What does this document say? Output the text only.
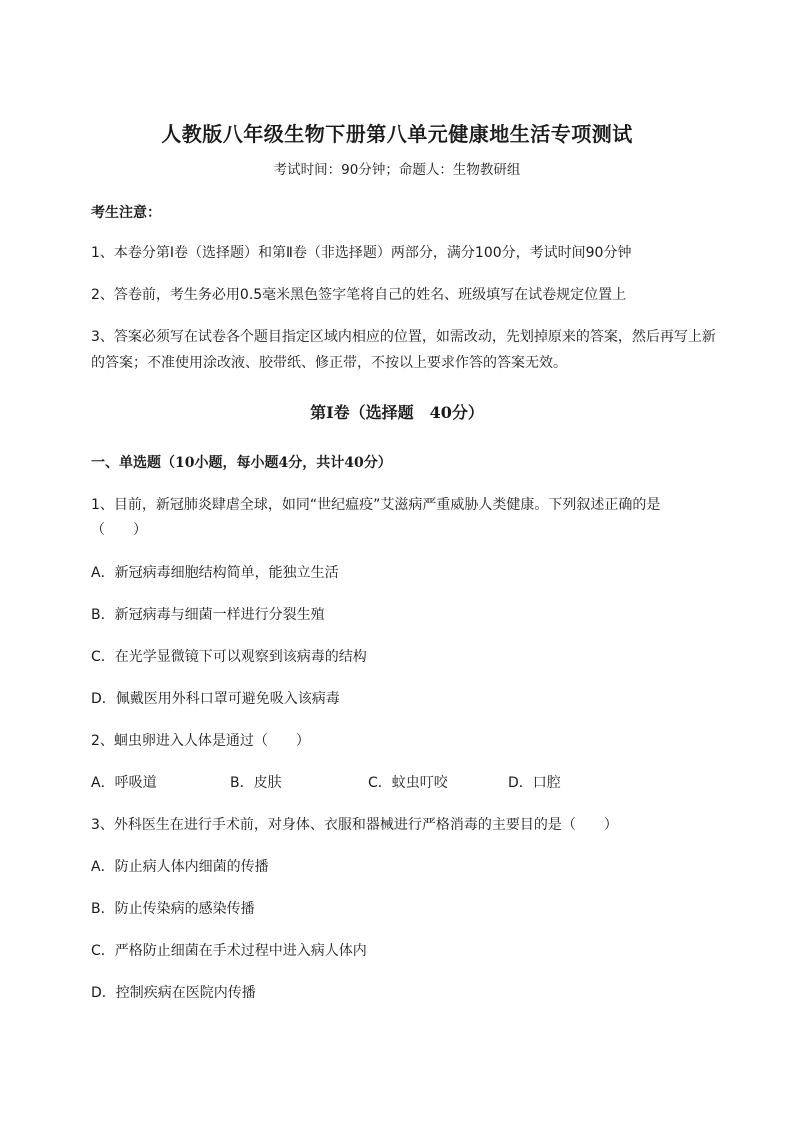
人教版八年级生物下册第八单元健康地生活专项测试
考试时间：90分钟；命题人：生物教研组
考生注意：
1、本卷分第I卷（选择题）和第Ⅱ卷（非选择题）两部分，满分100分，考试时间90分钟
2、答卷前，考生务必用0.5毫米黑色签字笔将自己的姓名、班级填写在试卷规定位置上
3、答案必须写在试卷各个题目指定区域内相应的位置，如需改动，先划掉原来的答案，然后再写上新
的答案；不准使用涂改液、胶带纸、修正带，不按以上要求作答的答案无效。
第I卷（选择题　40分）
一、单选题（10小题，每小题4分，共计40分）
1、目前，新冠肺炎肆虐全球，如同“世纪瘟疫”艾滋病严重威胁人类健康。下列叙述正确的是
（　　）
A．新冠病毒细胞结构简单，能独立生活
B．新冠病毒与细菌一样进行分裂生殖
C．在光学显微镜下可以观察到该病毒的结构
D．佩戴医用外科口罩可避免吸入该病毒
2、蛔虫卵进入人体是通过（　　）
A．呼吸道	B．皮肤	C．蚊虫叮咬	D．口腔
3、外科医生在进行手术前，对身体、衣服和器械进行严格消毒的主要目的是（　　）
A．防止病人体内细菌的传播
B．防止传染病的感染传播
C．严格防止细菌在手术过程中进入病人体内
D．控制疾病在医院内传播
